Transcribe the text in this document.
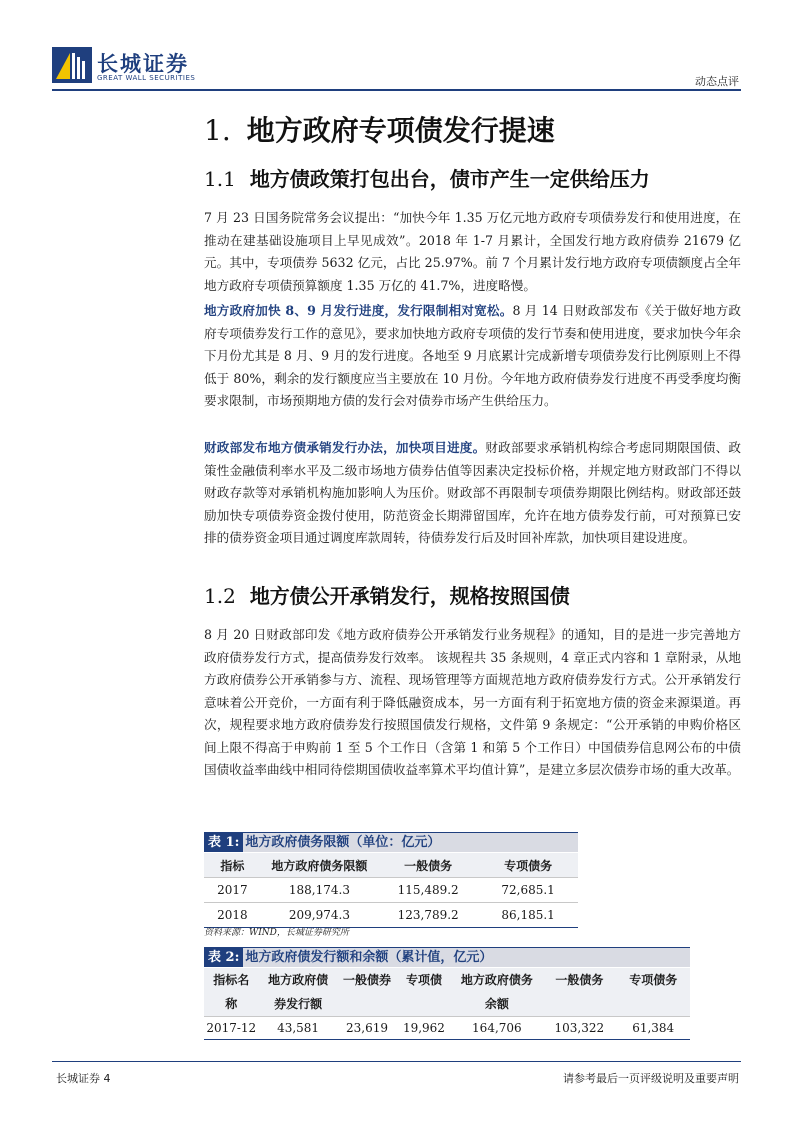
长城证券
GREAT WALL SECURITIES	动态点评
1. 地方政府专项债发行提速
1.1 地方债政策打包出台，债市产生一定供给压力
7 月 23 日国务院常务会议提出：“加快今年 1.35 万亿元地方政府专项债券发行和使用进度，在推动在建基础设施项目上早见成效”。2018 年 1-7 月累计，全国发行地方政府债券 21679 亿元。其中，专项债券 5632 亿元，占比 25.97%。前 7 个月累计发行地方政府专项债额度占全年地方政府专项债预算额度 1.35 万亿的 41.7%，进度略慢。
地方政府加快 8、9 月发行进度，发行限制相对宽松。8 月 14 日财政部发布《关于做好地方政府专项债券发行工作的意见》，要求加快地方政府专项债的发行节奏和使用进度，要求加快今年余下月份尤其是 8 月、9 月的发行进度。各地至 9 月底累计完成新增专项债券发行比例原则上不得低于 80%，剩余的发行额度应当主要放在 10 月份。今年地方政府债券发行进度不再受季度均衡要求限制，市场预期地方债的发行会对债券市场产生供给压力。
财政部发布地方债承销发行办法，加快项目进度。财政部要求承销机构综合考虑同期限国债、政策性金融债利率水平及二级市场地方债券估值等因素决定投标价格，并规定地方财政部门不得以财政存款等对承销机构施加影响人为压价。财政部不再限制专项债券期限比例结构。财政部还鼓励加快专项债券资金拨付使用，防范资金长期滞留国库，允许在地方债券发行前，可对预算已安排的债券资金项目通过调度库款周转，待债券发行后及时回补库款，加快项目建设进度。
1.2 地方债公开承销发行，规格按照国债
8 月 20 日财政部印发《地方政府债券公开承销发行业务规程》的通知，目的是进一步完善地方政府债券发行方式，提高债券发行效率。 该规程共 35 条规则，4 章正式内容和 1 章附录，从地方政府债券公开承销参与方、流程、现场管理等方面规范地方政府债券发行方式。公开承销发行意味着公开竞价，一方面有利于降低融资成本，另一方面有利于拓宽地方债的资金来源渠道。再次，规程要求地方政府债券发行按照国债发行规格，文件第 9 条规定：“公开承销的申购价格区间上限不得高于申购前 1 至 5 个工作日（含第 1 和第 5 个工作日）中国债券信息网公布的中债国债收益率曲线中相同待偿期国债收益率算术平均值计算”，是建立多层次债券市场的重大改革。
表 1: 地方政府债务限额（单位：亿元）
指标	地方政府债务限额	一般债务	专项债务
2017	188,174.3	115,489.2	72,685.1
2018	209,974.3	123,789.2	86,185.1
资料来源：WIND，长城证券研究所
表 2: 地方政府债发行额和余额（累计值，亿元）
指标名	地方政府债	一般债券	专项债	地方政府债务	一般债务	专项债务
称	券发行额			余额		
2017-12	43,581	23,619	19,962	164,706	103,322	61,384
长城证券 4	请参考最后一页评级说明及重要声明
